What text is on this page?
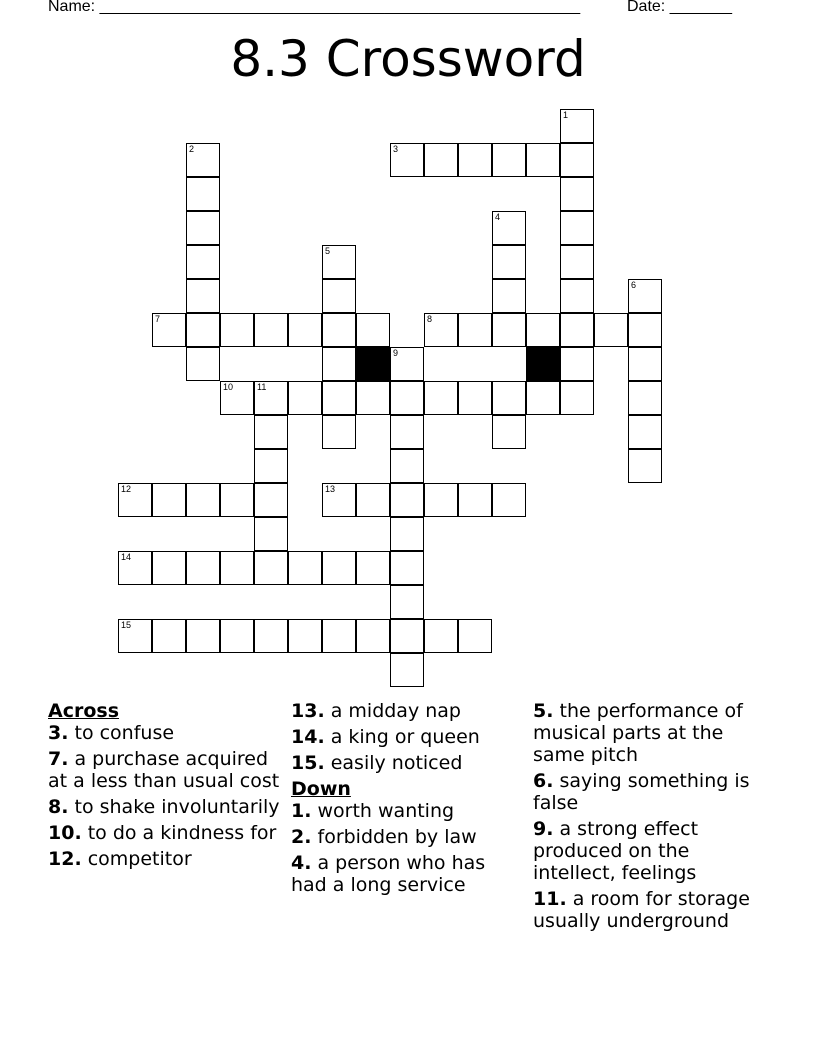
Name: ______________________________________________________	Date: _______
8.3 Crossword
1
2	3
4
5
6
7	8
9
10	11
12	13
14
15
Across
3. to confuse
7. a purchase acquired at a less than usual cost
8. to shake involuntarily
10. to do a kindness for
12. competitor
13. a midday nap
14. a king or queen
15. easily noticed
Down
1. worth wanting
2. forbidden by law
4. a person who has had a long service
5. the performance of musical parts at the same pitch
6. saying something is false
9. a strong effect produced on the intellect, feelings
11. a room for storage usually underground
